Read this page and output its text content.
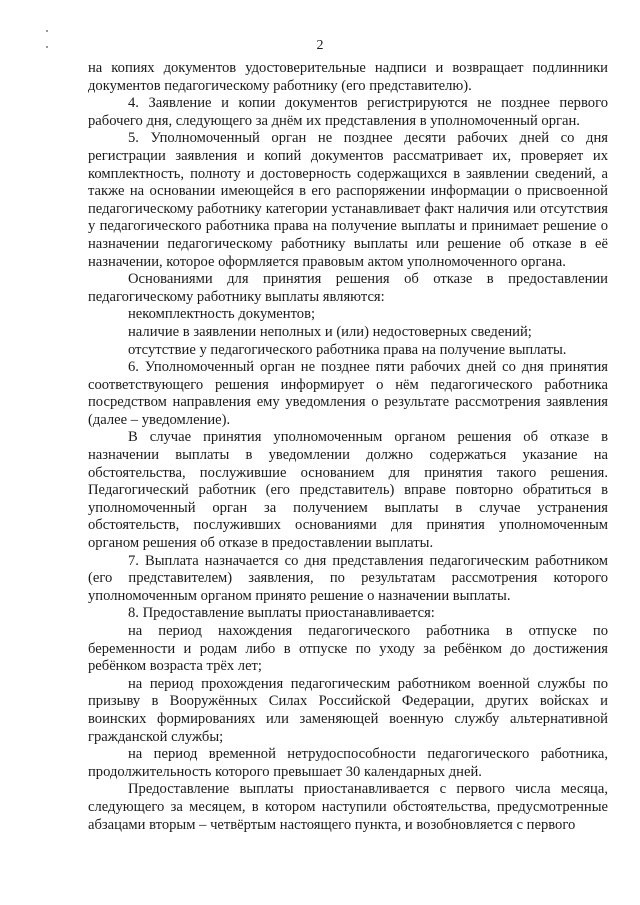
2

на копиях документов удостоверительные надписи и возвращает подлинники документов педагогическому работнику (его представителю).

4. Заявление и копии документов регистрируются не позднее первого рабочего дня, следующего за днём их представления в уполномоченный орган.

5. Уполномоченный орган не позднее десяти рабочих дней со дня регистрации заявления и копий документов рассматривает их, проверяет их комплектность, полноту и достоверность содержащихся в заявлении сведений, а также на основании имеющейся в его распоряжении информации о присвоенной педагогическому работнику категории устанавливает факт наличия или отсутствия у педагогического работника права на получение выплаты и принимает решение о назначении педагогическому работнику выплаты или решение об отказе в её назначении, которое оформляется правовым актом уполномоченного органа.

Основаниями для принятия решения об отказе в предоставлении педагогическому работнику выплаты являются:

некомплектность документов;

наличие в заявлении неполных и (или) недостоверных сведений;

отсутствие у педагогического работника права на получение выплаты.

6. Уполномоченный орган не позднее пяти рабочих дней со дня принятия соответствующего решения информирует о нём педагогического работника посредством направления ему уведомления о результате рассмотрения заявления (далее – уведомление).

В случае принятия уполномоченным органом решения об отказе в назначении выплаты в уведомлении должно содержаться указание на обстоятельства, послужившие основанием для принятия такого решения. Педагогический работник (его представитель) вправе повторно обратиться в уполномоченный орган за получением выплаты в случае устранения обстоятельств, послуживших основаниями для принятия уполномоченным органом решения об отказе в предоставлении выплаты.

7. Выплата назначается со дня представления педагогическим работником (его представителем) заявления, по результатам рассмотрения которого уполномоченным органом принято решение о назначении выплаты.

8. Предоставление выплаты приостанавливается:

на период нахождения педагогического работника в отпуске по беременности и родам либо в отпуске по уходу за ребёнком до достижения ребёнком возраста трёх лет;

на период прохождения педагогическим работником военной службы по призыву в Вооружённых Силах Российской Федерации, других войсках и воинских формированиях или заменяющей военную службу альтернативной гражданской службы;

на период временной нетрудоспособности педагогического работника, продолжительность которого превышает 30 календарных дней.

Предоставление выплаты приостанавливается с первого числа месяца, следующего за месяцем, в котором наступили обстоятельства, предусмотренные абзацами вторым – четвёртым настоящего пункта, и возобновляется с первого
